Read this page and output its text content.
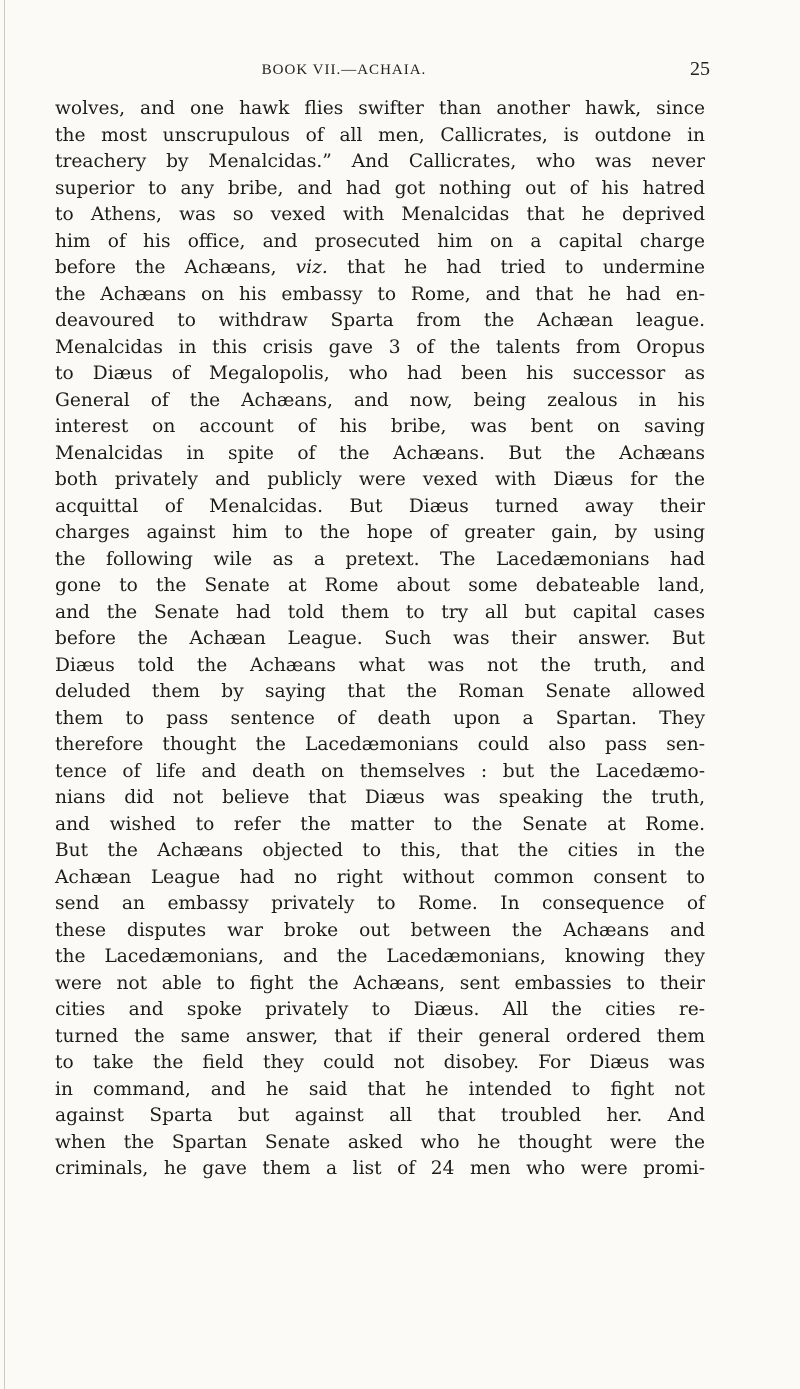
BOOK VII.—ACHAIA.	25
wolves, and one hawk flies swifter than another hawk, since
the most unscrupulous of all men, Callicrates, is outdone in
treachery by Menalcidas.” And Callicrates, who was never
superior to any bribe, and had got nothing out of his hatred
to Athens, was so vexed with Menalcidas that he deprived
him of his office, and prosecuted him on a capital charge
before the Achæans, viz. that he had tried to undermine
the Achæans on his embassy to Rome, and that he had en-
deavoured to withdraw Sparta from the Achæan league.
Menalcidas in this crisis gave 3 of the talents from Oropus
to Diæus of Megalopolis, who had been his successor as
General of the Achæans, and now, being zealous in his
interest on account of his bribe, was bent on saving
Menalcidas in spite of the Achæans. But the Achæans
both privately and publicly were vexed with Diæus for the
acquittal of Menalcidas. But Diæus turned away their
charges against him to the hope of greater gain, by using
the following wile as a pretext. The Lacedæmonians had
gone to the Senate at Rome about some debateable land,
and the Senate had told them to try all but capital cases
before the Achæan League. Such was their answer. But
Diæus told the Achæans what was not the truth, and
deluded them by saying that the Roman Senate allowed
them to pass sentence of death upon a Spartan. They
therefore thought the Lacedæmonians could also pass sen-
tence of life and death on themselves : but the Lacedæmo-
nians did not believe that Diæus was speaking the truth,
and wished to refer the matter to the Senate at Rome.
But the Achæans objected to this, that the cities in the
Achæan League had no right without common consent to
send an embassy privately to Rome. In consequence of
these disputes war broke out between the Achæans and
the Lacedæmonians, and the Lacedæmonians, knowing they
were not able to fight the Achæans, sent embassies to their
cities and spoke privately to Diæus. All the cities re-
turned the same answer, that if their general ordered them
to take the field they could not disobey. For Diæus was
in command, and he said that he intended to fight not
against Sparta but against all that troubled her. And
when the Spartan Senate asked who he thought were the
criminals, he gave them a list of 24 men who were promi-
